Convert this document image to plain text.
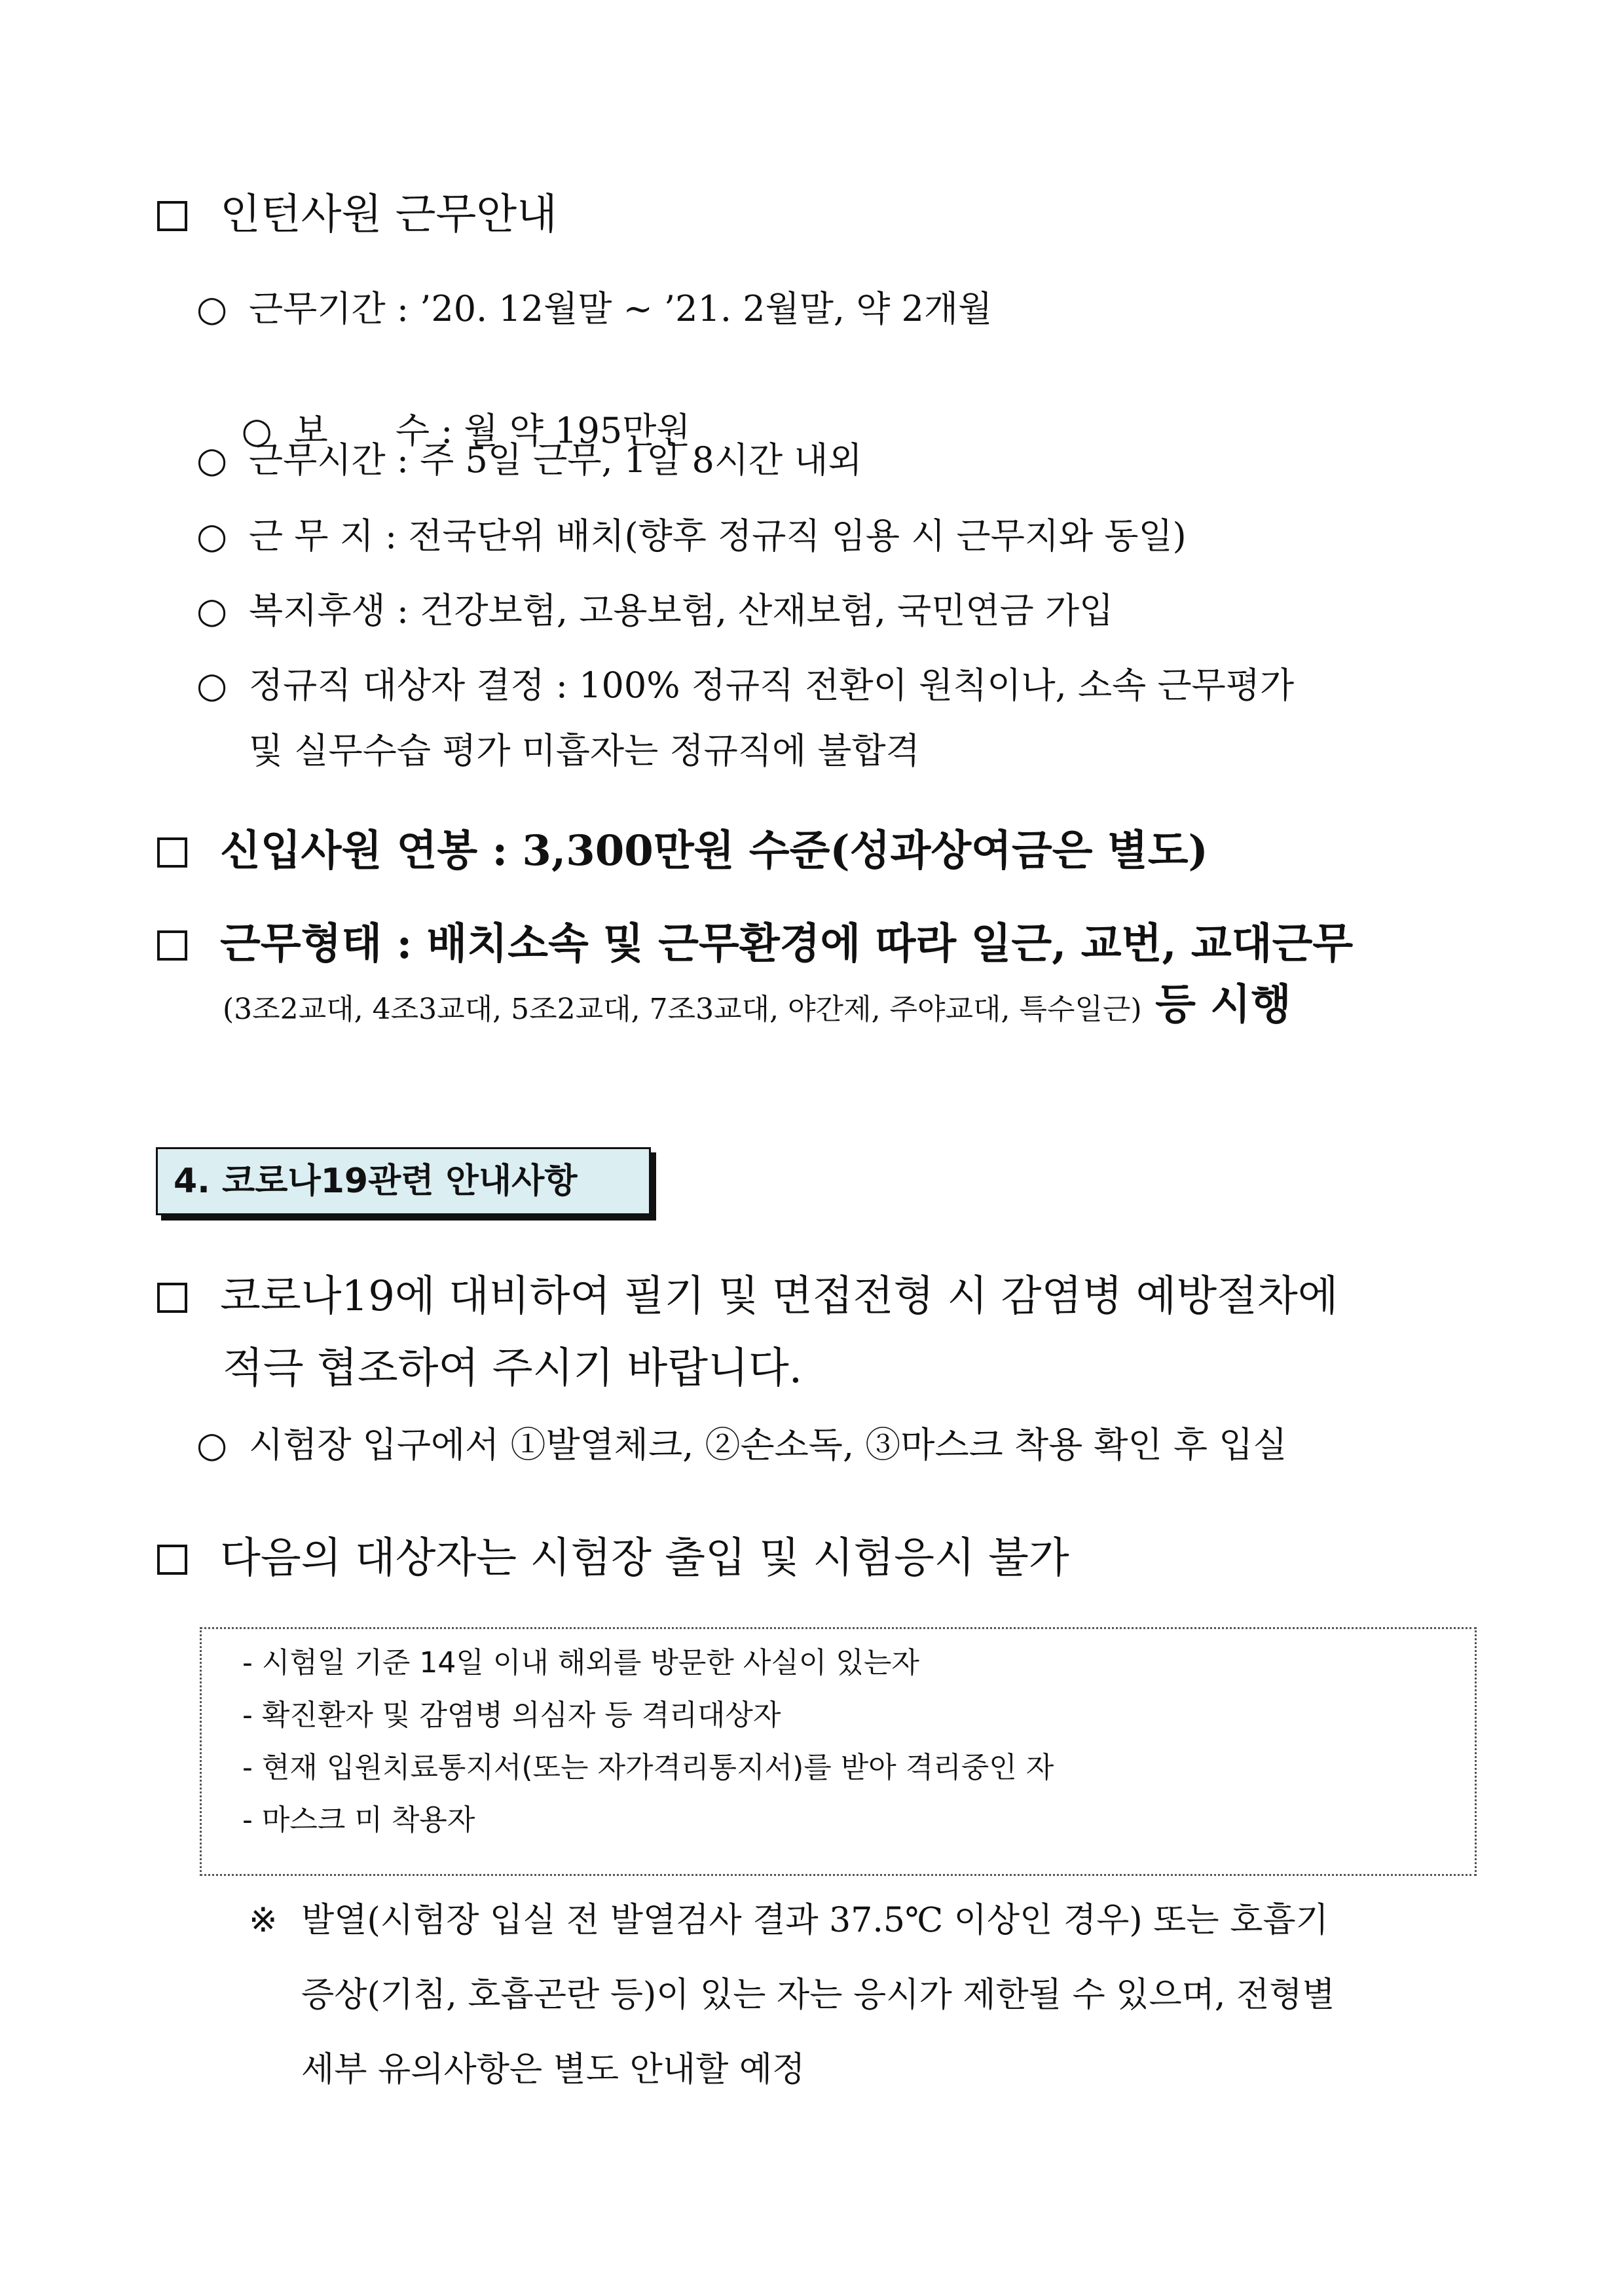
인턴사원 근무안내
○ 근무기간 : ’20. 12월말 ∼ ’21. 2월말, 약 2개월

○ 보      수 : 월 약 195만원

○ 근무시간 : 주 5일 근무, 1일 8시간 내외
○ 근 무 지 : 전국단위 배치(향후 정규직 임용 시 근무지와 동일)
○ 복지후생 : 건강보험, 고용보험, 산재보험, 국민연금 가입
○ 정규직 대상자 결정 : 100% 정규직 전환이 원칙이나, 소속 근무평가
및 실무수습 평가 미흡자는 정규직에 불합격
신입사원 연봉 : 3,300만원 수준(성과상여금은 별도)
근무형태 : 배치소속 및 근무환경에 따라 일근, 교번, 교대근무
(3조2교대, 4조3교대, 5조2교대, 7조3교대, 야간제, 주야교대, 특수일근) 등 시행
4. 코로나19관련 안내사항
코로나19에 대비하여 필기 및 면접전형 시 감염병 예방절차에
적극 협조하여 주시기 바랍니다.
○ 시험장 입구에서 ①발열체크, ②손소독, ③마스크 착용 확인 후 입실
다음의 대상자는 시험장 출입 및 시험응시 불가
- 시험일 기준 14일 이내 해외를 방문한 사실이 있는자
- 확진환자 및 감염병 의심자 등 격리대상자
- 현재 입원치료통지서(또는 자가격리통지서)를 받아 격리중인 자
- 마스크 미 착용자
※ 발열(시험장 입실 전 발열검사 결과 37.5℃ 이상인 경우) 또는 호흡기
증상(기침, 호흡곤란 등)이 있는 자는 응시가 제한될 수 있으며, 전형별
세부 유의사항은 별도 안내할 예정
